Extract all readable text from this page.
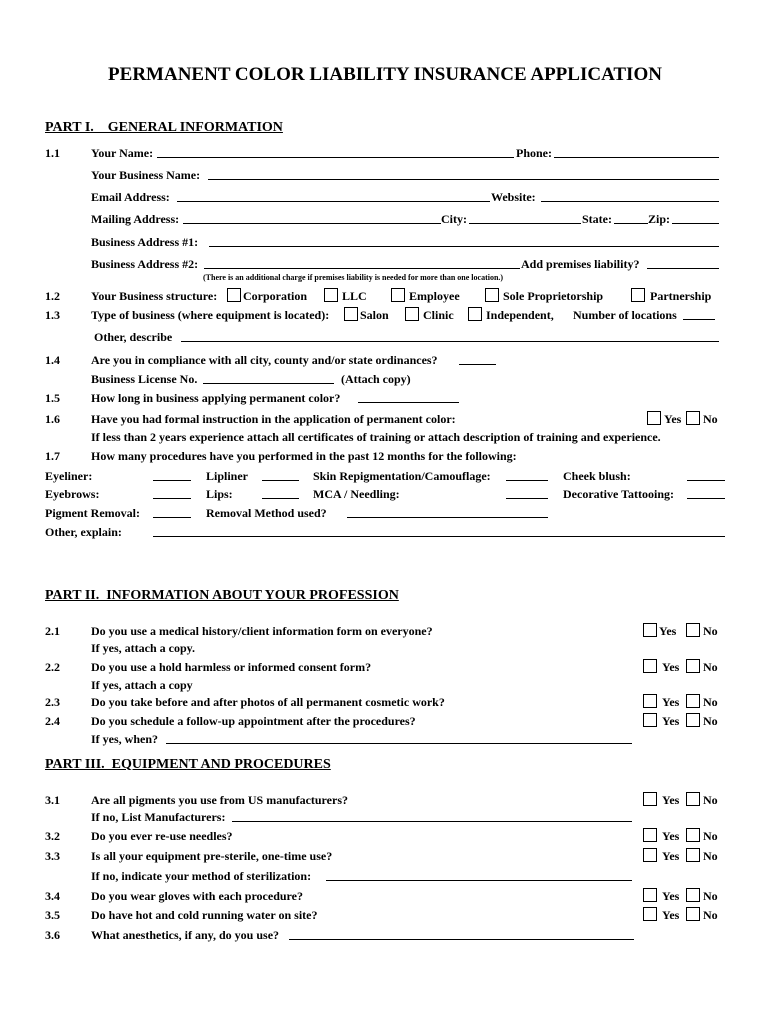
PERMANENT COLOR LIABILITY INSURANCE APPLICATION
PART I.    GENERAL INFORMATION
1.1	Your Name:	Phone:
Your Business Name:
Email Address:	Website:
Mailing Address:	City:	State:	Zip:
Business Address #1:
Business Address #2:	Add premises liability?
(There is an additional charge if premises liability is needed for more than one location.)
1.2	Your Business structure: Corporation	LLC	Employee	Sole Proprietorship	Partnership
1.3	Type of business (where equipment is located):	Salon	Clinic	Independent, Number of locations
Other, describe
1.4	Are you in compliance with all city, county and/or state ordinances?
Business License No.	(Attach copy)
1.5	How long in business applying permanent color?
1.6	Have you had formal instruction in the application of permanent color:	Yes No
If less than 2 years experience attach all certificates of training or attach description of training and experience.
1.7	How many procedures have you performed in the past 12 months for the following:
Eyeliner:	Lipliner	Skin Repigmentation/Camouflage:	Cheek blush:
Eyebrows:	Lips:	MCA / Needling:	Decorative Tattooing:
Pigment Removal:	Removal Method used?
Other, explain:
PART II.  INFORMATION ABOUT YOUR PROFESSION
2.1	Do you use a medical history/client information form on everyone?	Yes No
If yes, attach a copy.
2.2	Do you use a hold harmless or informed consent form?	Yes No
If yes, attach a copy
2.3	Do you take before and after photos of all permanent cosmetic work?	Yes No
2.4	Do you schedule a follow-up appointment after the procedures?	Yes No
If yes, when?
PART III.  EQUIPMENT AND PROCEDURES
3.1	Are all pigments you use from US manufacturers?	Yes No
If no, List Manufacturers:
3.2	Do you ever re-use needles?	Yes No
3.3	Is all your equipment pre-sterile, one-time use?	Yes No
If no, indicate your method of sterilization:
3.4	Do you wear gloves with each procedure?	Yes No
3.5	Do have hot and cold running water on site?	Yes No
3.6	What anesthetics, if any, do you use?
